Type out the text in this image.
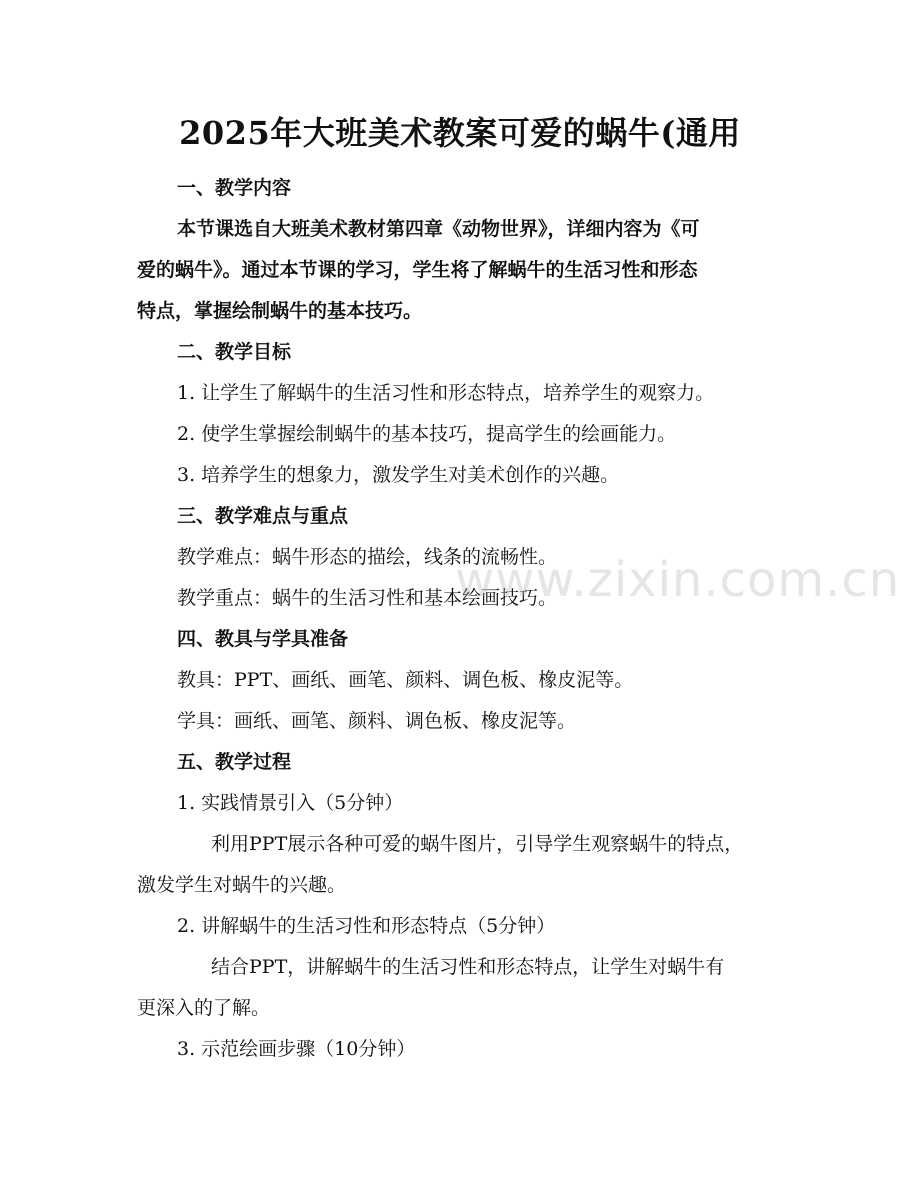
2025年大班美术教案可爱的蜗牛(通用

一、教学内容

本节课选自大班美术教材第四章《动物世界》，详细内容为《可

爱的蜗牛》。通过本节课的学习，学生将了解蜗牛的生活习性和形态

特点，掌握绘制蜗牛的基本技巧。

二、教学目标

1. 让学生了解蜗牛的生活习性和形态特点，培养学生的观察力。

2. 使学生掌握绘制蜗牛的基本技巧，提高学生的绘画能力。

3. 培养学生的想象力，激发学生对美术创作的兴趣。

三、教学难点与重点

教学难点：蜗牛形态的描绘，线条的流畅性。

教学重点：蜗牛的生活习性和基本绘画技巧。

四、教具与学具准备

教具：PPT、画纸、画笔、颜料、调色板、橡皮泥等。

学具：画纸、画笔、颜料、调色板、橡皮泥等。

五、教学过程

1. 实践情景引入（5分钟）

利用PPT展示各种可爱的蜗牛图片，引导学生观察蜗牛的特点，

激发学生对蜗牛的兴趣。

2. 讲解蜗牛的生活习性和形态特点（5分钟）

结合PPT，讲解蜗牛的生活习性和形态特点，让学生对蜗牛有

更深入的了解。

3. 示范绘画步骤（10分钟）

www.zixin.com.cn
